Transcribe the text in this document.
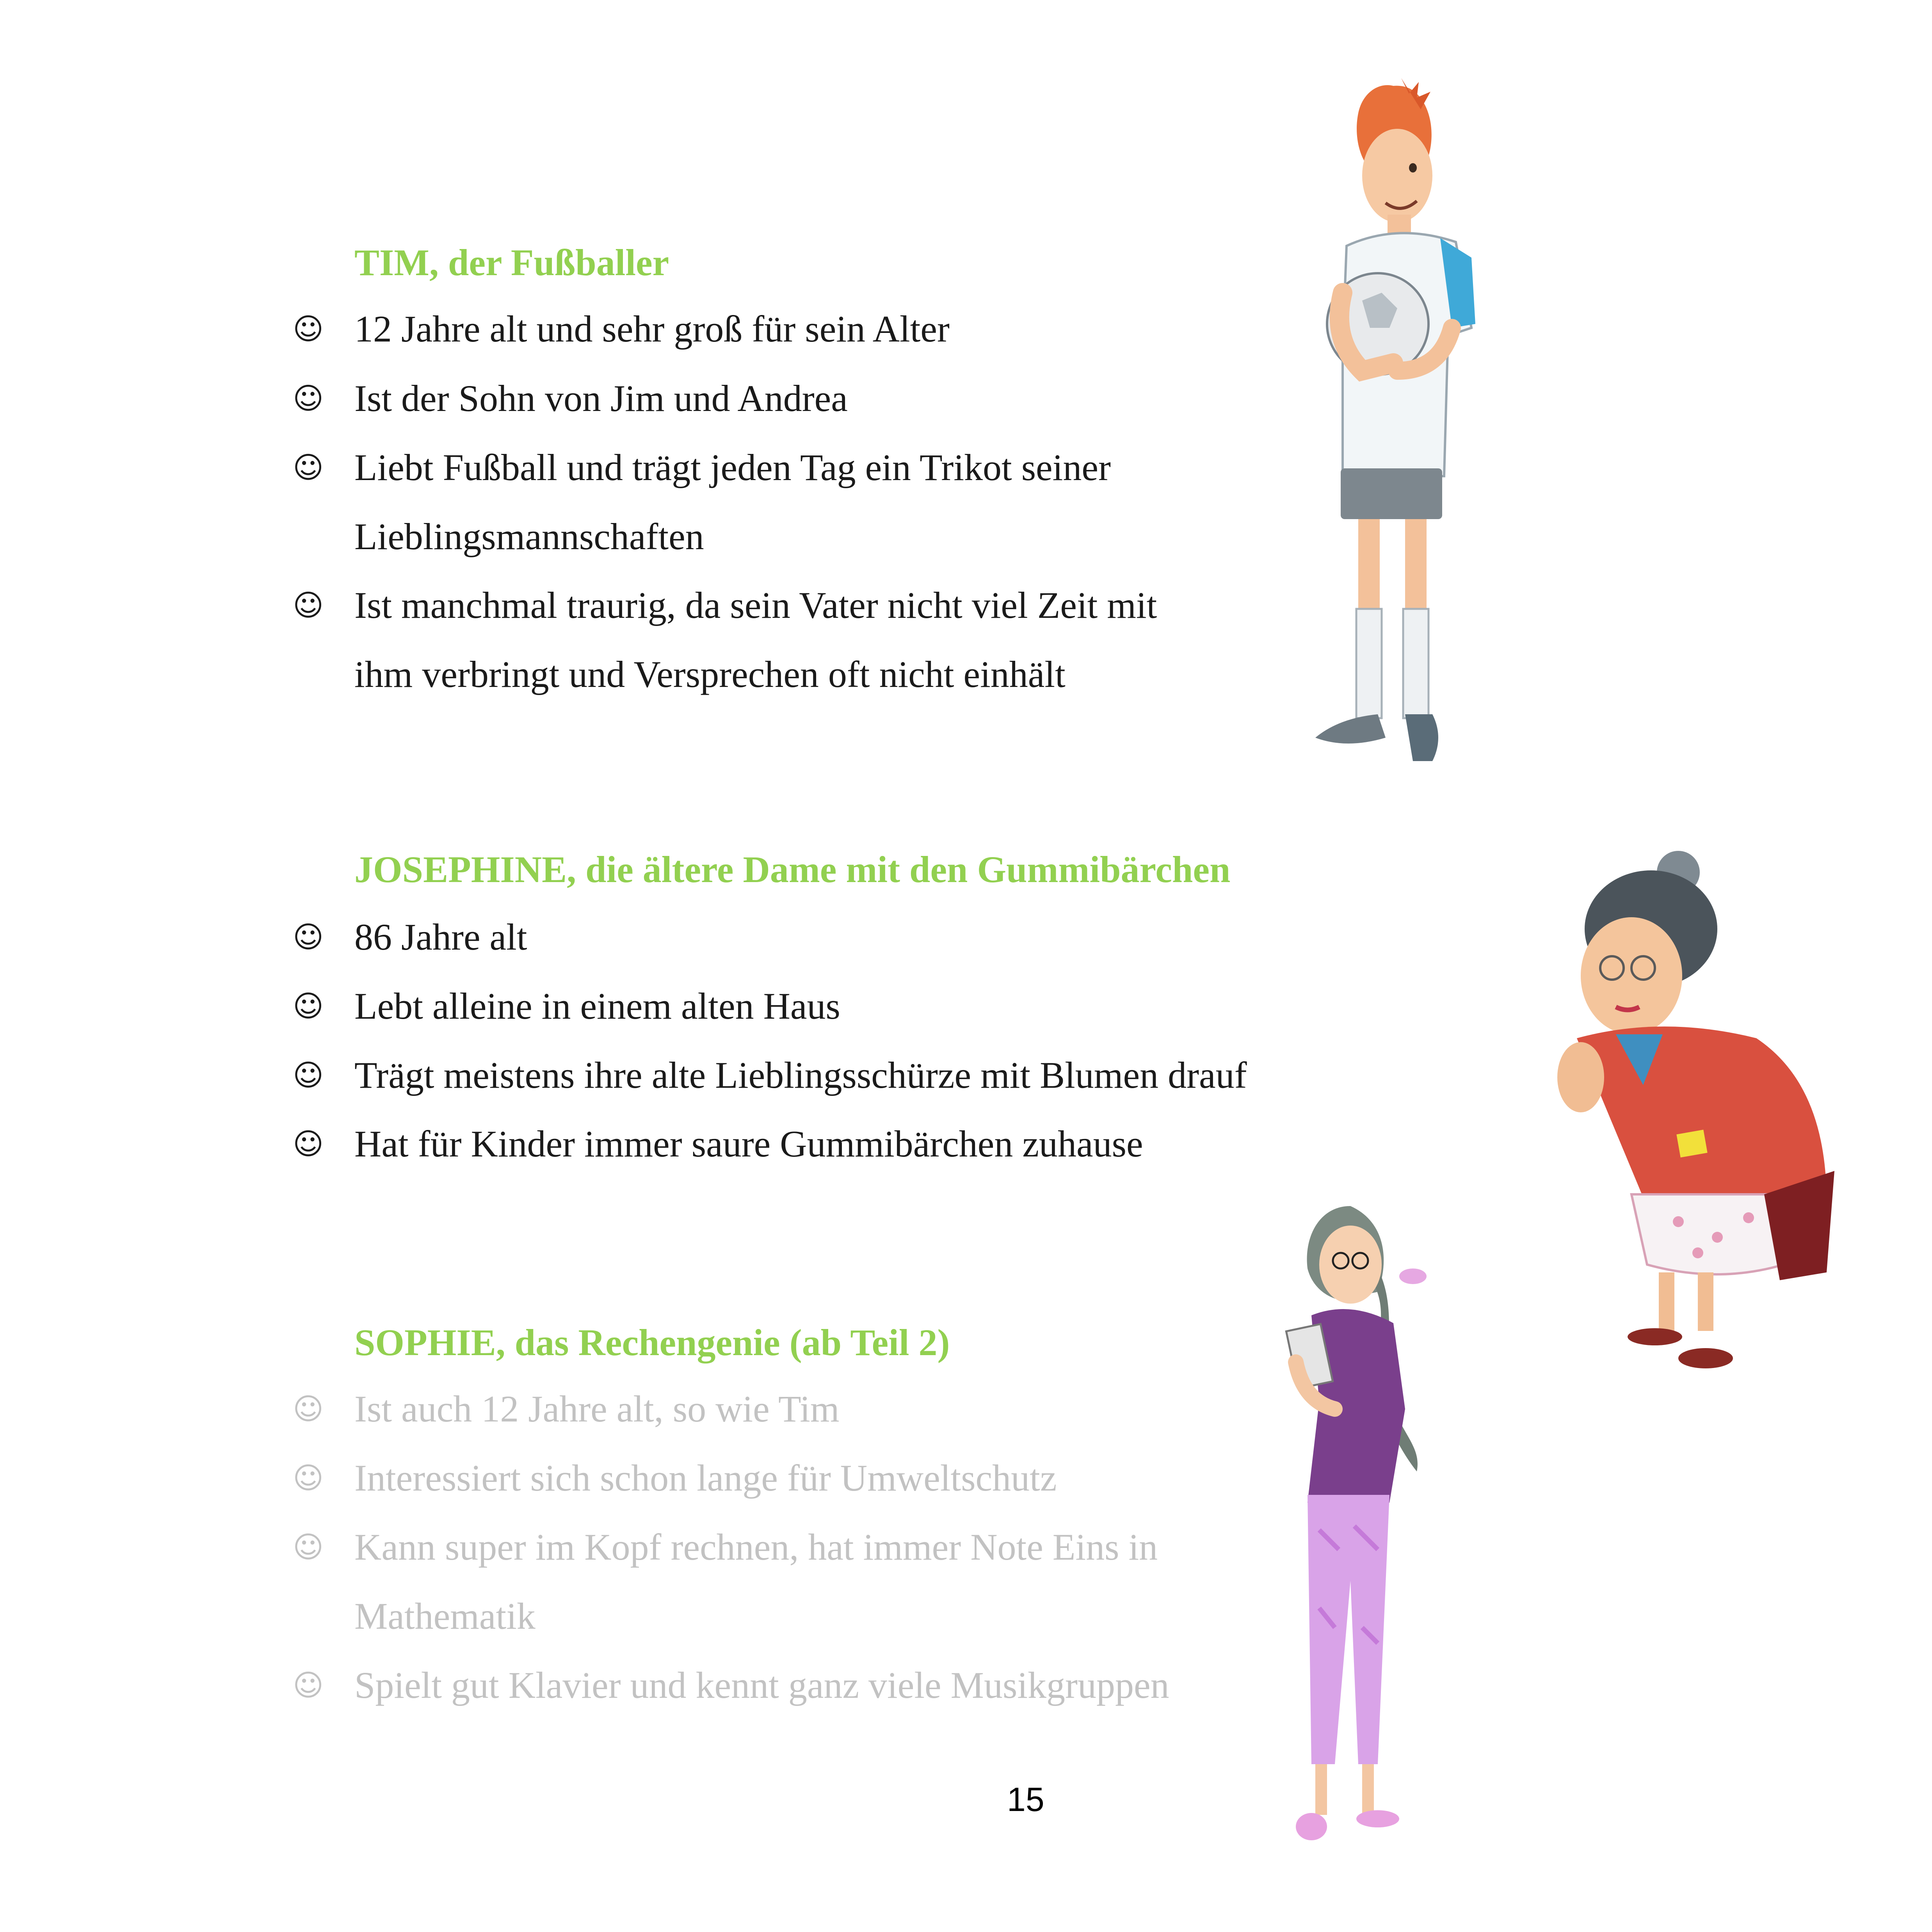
TIM, der Fußballer
☺ 12 Jahre alt und sehr groß für sein Alter
☺ Ist der Sohn von Jim und Andrea
☺ Liebt Fußball und trägt jeden Tag ein Trikot seiner
Lieblingsmannschaften
☺ Ist manchmal traurig, da sein Vater nicht viel Zeit mit
ihm verbringt und Versprechen oft nicht einhält
JOSEPHINE, die ältere Dame mit den Gummibärchen
☺ 86 Jahre alt
☺ Lebt alleine in einem alten Haus
☺ Trägt meistens ihre alte Lieblingsschürze mit Blumen drauf
☺ Hat für Kinder immer saure Gummibärchen zuhause
SOPHIE, das Rechengenie (ab Teil 2)
☺ Ist auch 12 Jahre alt, so wie Tim
☺ Interessiert sich schon lange für Umweltschutz
☺ Kann super im Kopf rechnen, hat immer Note Eins in
Mathematik
☺ Spielt gut Klavier und kennt ganz viele Musikgruppen
15
